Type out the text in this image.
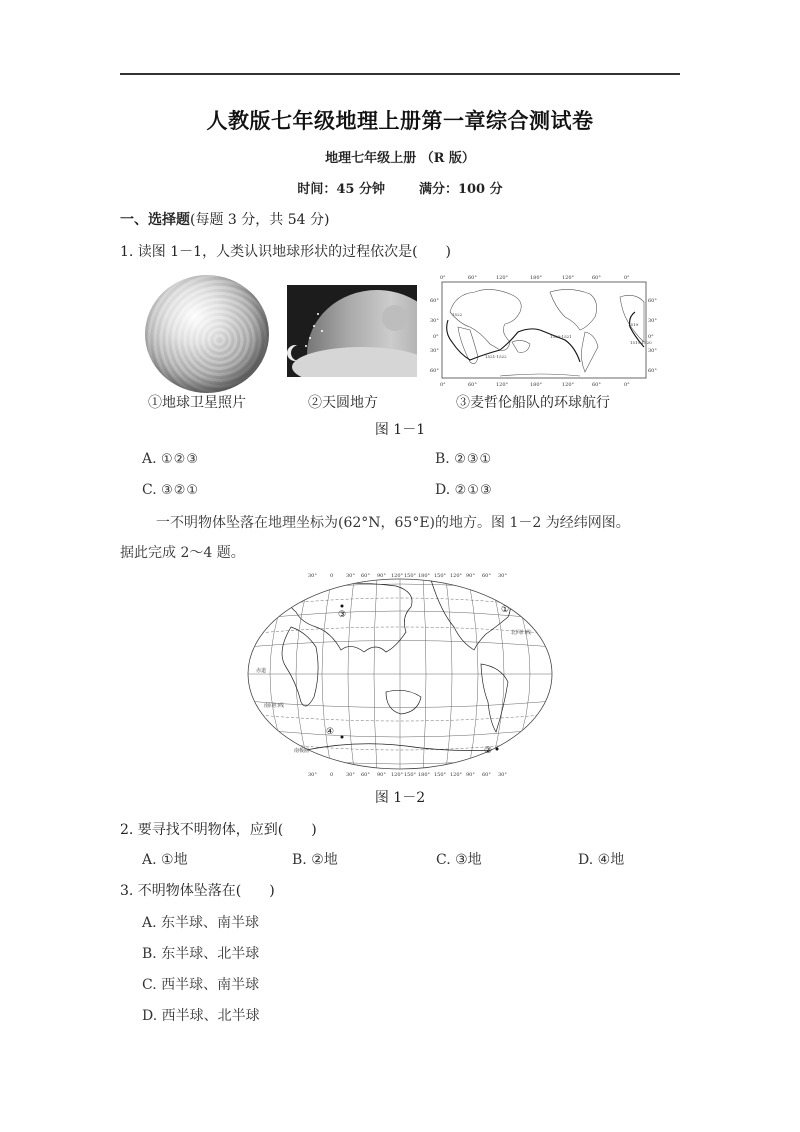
人教版七年级地理上册第一章综合测试卷
地理七年级上册 （R 版）
时间：45 分钟	满分：100 分
一、选择题(每题 3 分，共 54 分)
1. 读图 1－1，人类认识地球形状的过程依次是(　　)
0°	60°	120°	180°	120°	60°	0°
0°	60°	120°	180°	120°	60°	0°
60°
30°
0°
30°
60°
60°
30°
0°
30°
60°
1521-1522
1520-1521
1519
1519-1520
1522
①地球卫星照片	②天圆地方	③麦哲伦船队的环球航行
图 1－1
A. ①②③	B. ②③①
C. ③②①	D. ②①③
一不明物体坠落在地理坐标为(62°N，65°E)的地方。图 1－2 为经纬网图。
据此完成 2～4 题。
30°	0	30° 60° 90° 120° 150° 180° 150° 120° 90° 60° 30°
30°	0	30° 60° 90° 120° 150° 180° 150° 120° 90° 60° 30°
北回归线
赤道
南回归线
南极圈
③	①
④
②
图 1－2
2. 要寻找不明物体，应到(　　)
A. ①地	B. ②地	C. ③地	D. ④地
3. 不明物体坠落在(　　)
A. 东半球、南半球
B. 东半球、北半球
C. 西半球、南半球
D. 西半球、北半球
